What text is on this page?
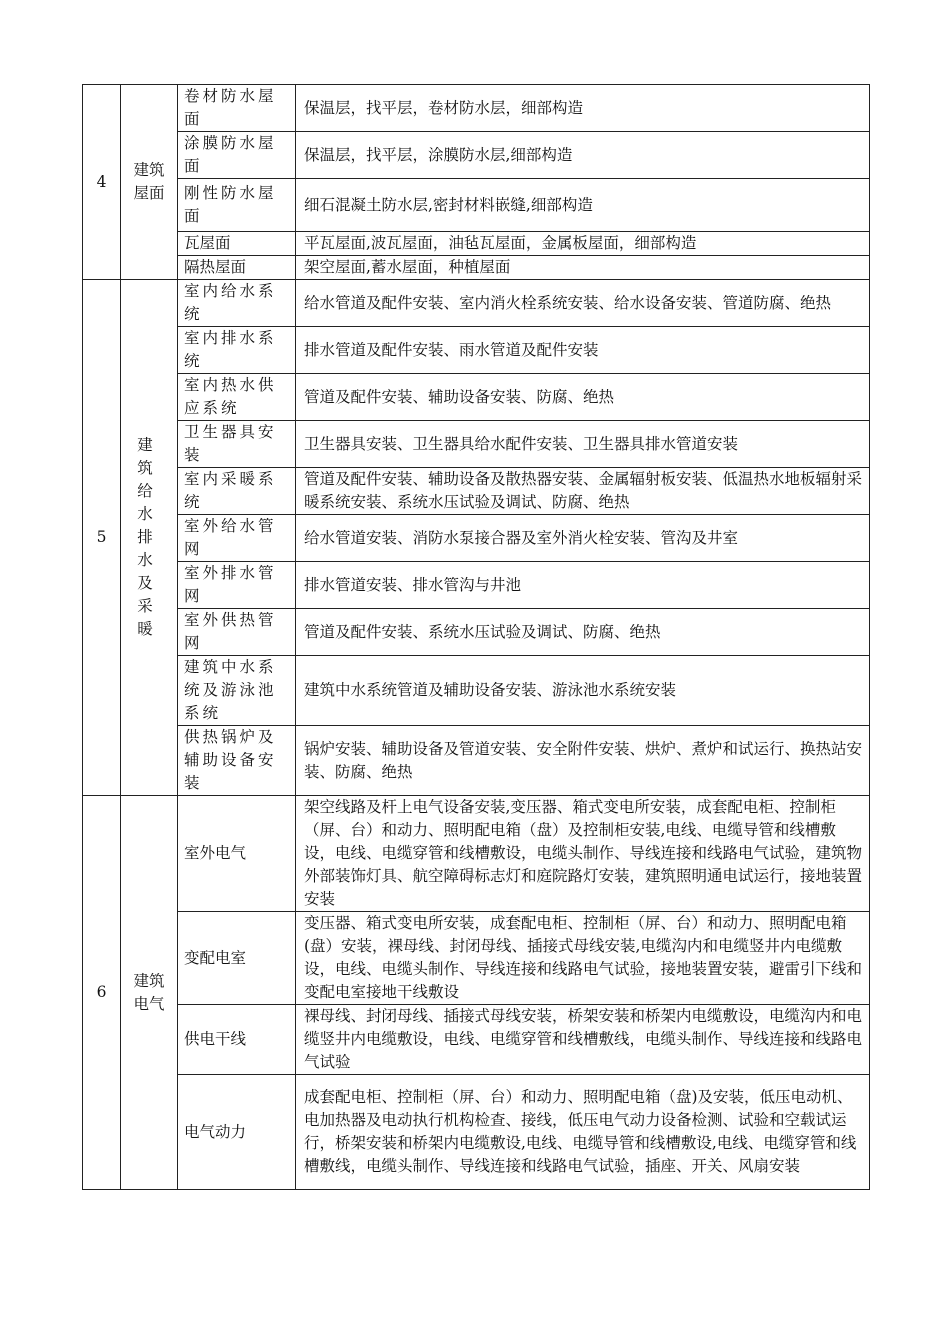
4	建筑屋面	卷材防水屋面	保温层，找平层，卷材防水层，细部构造
		涂膜防水屋面	保温层，找平层，涂膜防水层,细部构造
		刚性防水屋面	细石混凝土防水层,密封材料嵌缝,细部构造
		瓦屋面	平瓦屋面,波瓦屋面，油毡瓦屋面，金属板屋面，细部构造
		隔热屋面	架空屋面,蓄水屋面，种植屋面
5	建筑给水排水及采暖	室内给水系统	给水管道及配件安装、室内消火栓系统安装、给水设备安装、管道防腐、绝热
		室内排水系统	排水管道及配件安装、雨水管道及配件安装
		室内热水供应系统	管道及配件安装、辅助设备安装、防腐、绝热
		卫生器具安装	卫生器具安装、卫生器具给水配件安装、卫生器具排水管道安装
		室内采暖系统	管道及配件安装、辅助设备及散热器安装、金属辐射板安装、低温热水地板辐射采暖系统安装、系统水压试验及调试、防腐、绝热
		室外给水管网	给水管道安装、消防水泵接合器及室外消火栓安装、管沟及井室
		室外排水管网	排水管道安装、排水管沟与井池
		室外供热管网	管道及配件安装、系统水压试验及调试、防腐、绝热
		建筑中水系统及游泳池系统	建筑中水系统管道及辅助设备安装、游泳池水系统安装
		供热锅炉及辅助设备安装	锅炉安装、辅助设备及管道安装、安全附件安装、烘炉、煮炉和试运行、换热站安装、防腐、绝热
6	建筑电气	室外电气	架空线路及杆上电气设备安装,变压器、箱式变电所安装，成套配电柜、控制柜（屏、台）和动力、照明配电箱（盘）及控制柜安装,电线、电缆导管和线槽敷设，电线、电缆穿管和线槽敷设，电缆头制作、导线连接和线路电气试验，建筑物外部装饰灯具、航空障碍标志灯和庭院路灯安装，建筑照明通电试运行，接地装置安装
		变配电室	变压器、箱式变电所安装，成套配电柜、控制柜（屏、台）和动力、照明配电箱(盘）安装，裸母线、封闭母线、插接式母线安装,电缆沟内和电缆竖井内电缆敷设，电线、电缆头制作、导线连接和线路电气试验，接地装置安装，避雷引下线和变配电室接地干线敷设
		供电干线	裸母线、封闭母线、插接式母线安装，桥架安装和桥架内电缆敷设，电缆沟内和电缆竖井内电缆敷设，电线、电缆穿管和线槽敷线，电缆头制作、导线连接和线路电气试验
		电气动力	成套配电柜、控制柜（屏、台）和动力、照明配电箱（盘)及安装，低压电动机、电加热器及电动执行机构检查、接线，低压电气动力设备检测、试验和空载试运行，桥架安装和桥架内电缆敷设,电线、电缆导管和线槽敷设,电线、电缆穿管和线槽敷线，电缆头制作、导线连接和线路电气试验，插座、开关、风扇安装
